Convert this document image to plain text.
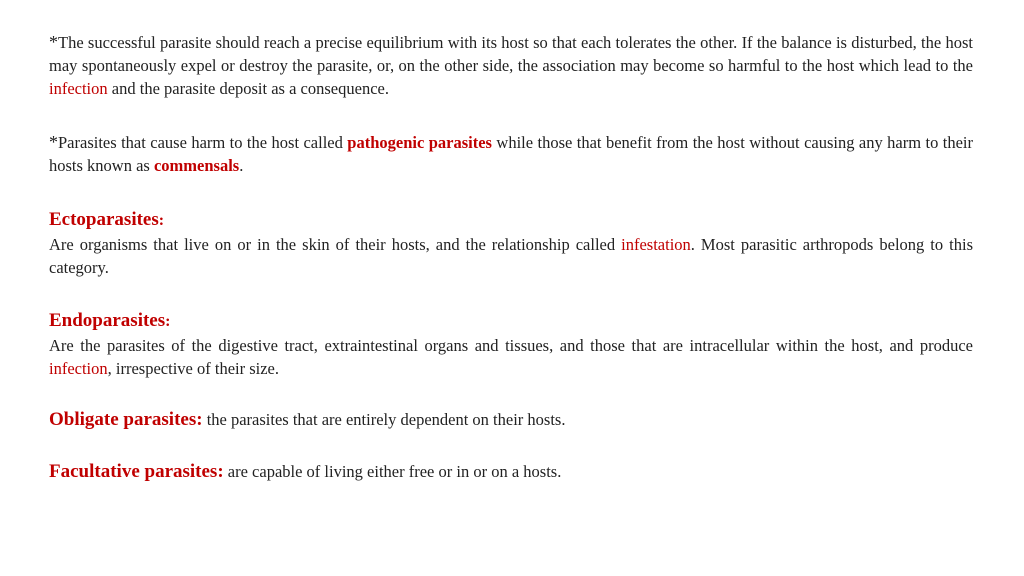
*The successful parasite should reach a precise equilibrium with its host so that each tolerates the other. If the balance is disturbed, the host may spontaneously expel or destroy the parasite, or, on the other side, the association may become so harmful to the host which lead to the infection and the parasite deposit as a consequence.
*Parasites that cause harm to the host called pathogenic parasites while those that benefit from the host without causing any harm to their hosts known as commensals.
Ectoparasites:
Are organisms that live on or in the skin of their hosts, and the relationship called infestation. Most parasitic arthropods belong to this category.
Endoparasites:
Are the parasites of the digestive tract, extraintestinal organs and tissues, and those that are intracellular within the host, and produce infection, irrespective of their size.
Obligate parasites: the parasites that are entirely dependent on their hosts.
Facultative parasites: are capable of living either free or in or on a hosts.
